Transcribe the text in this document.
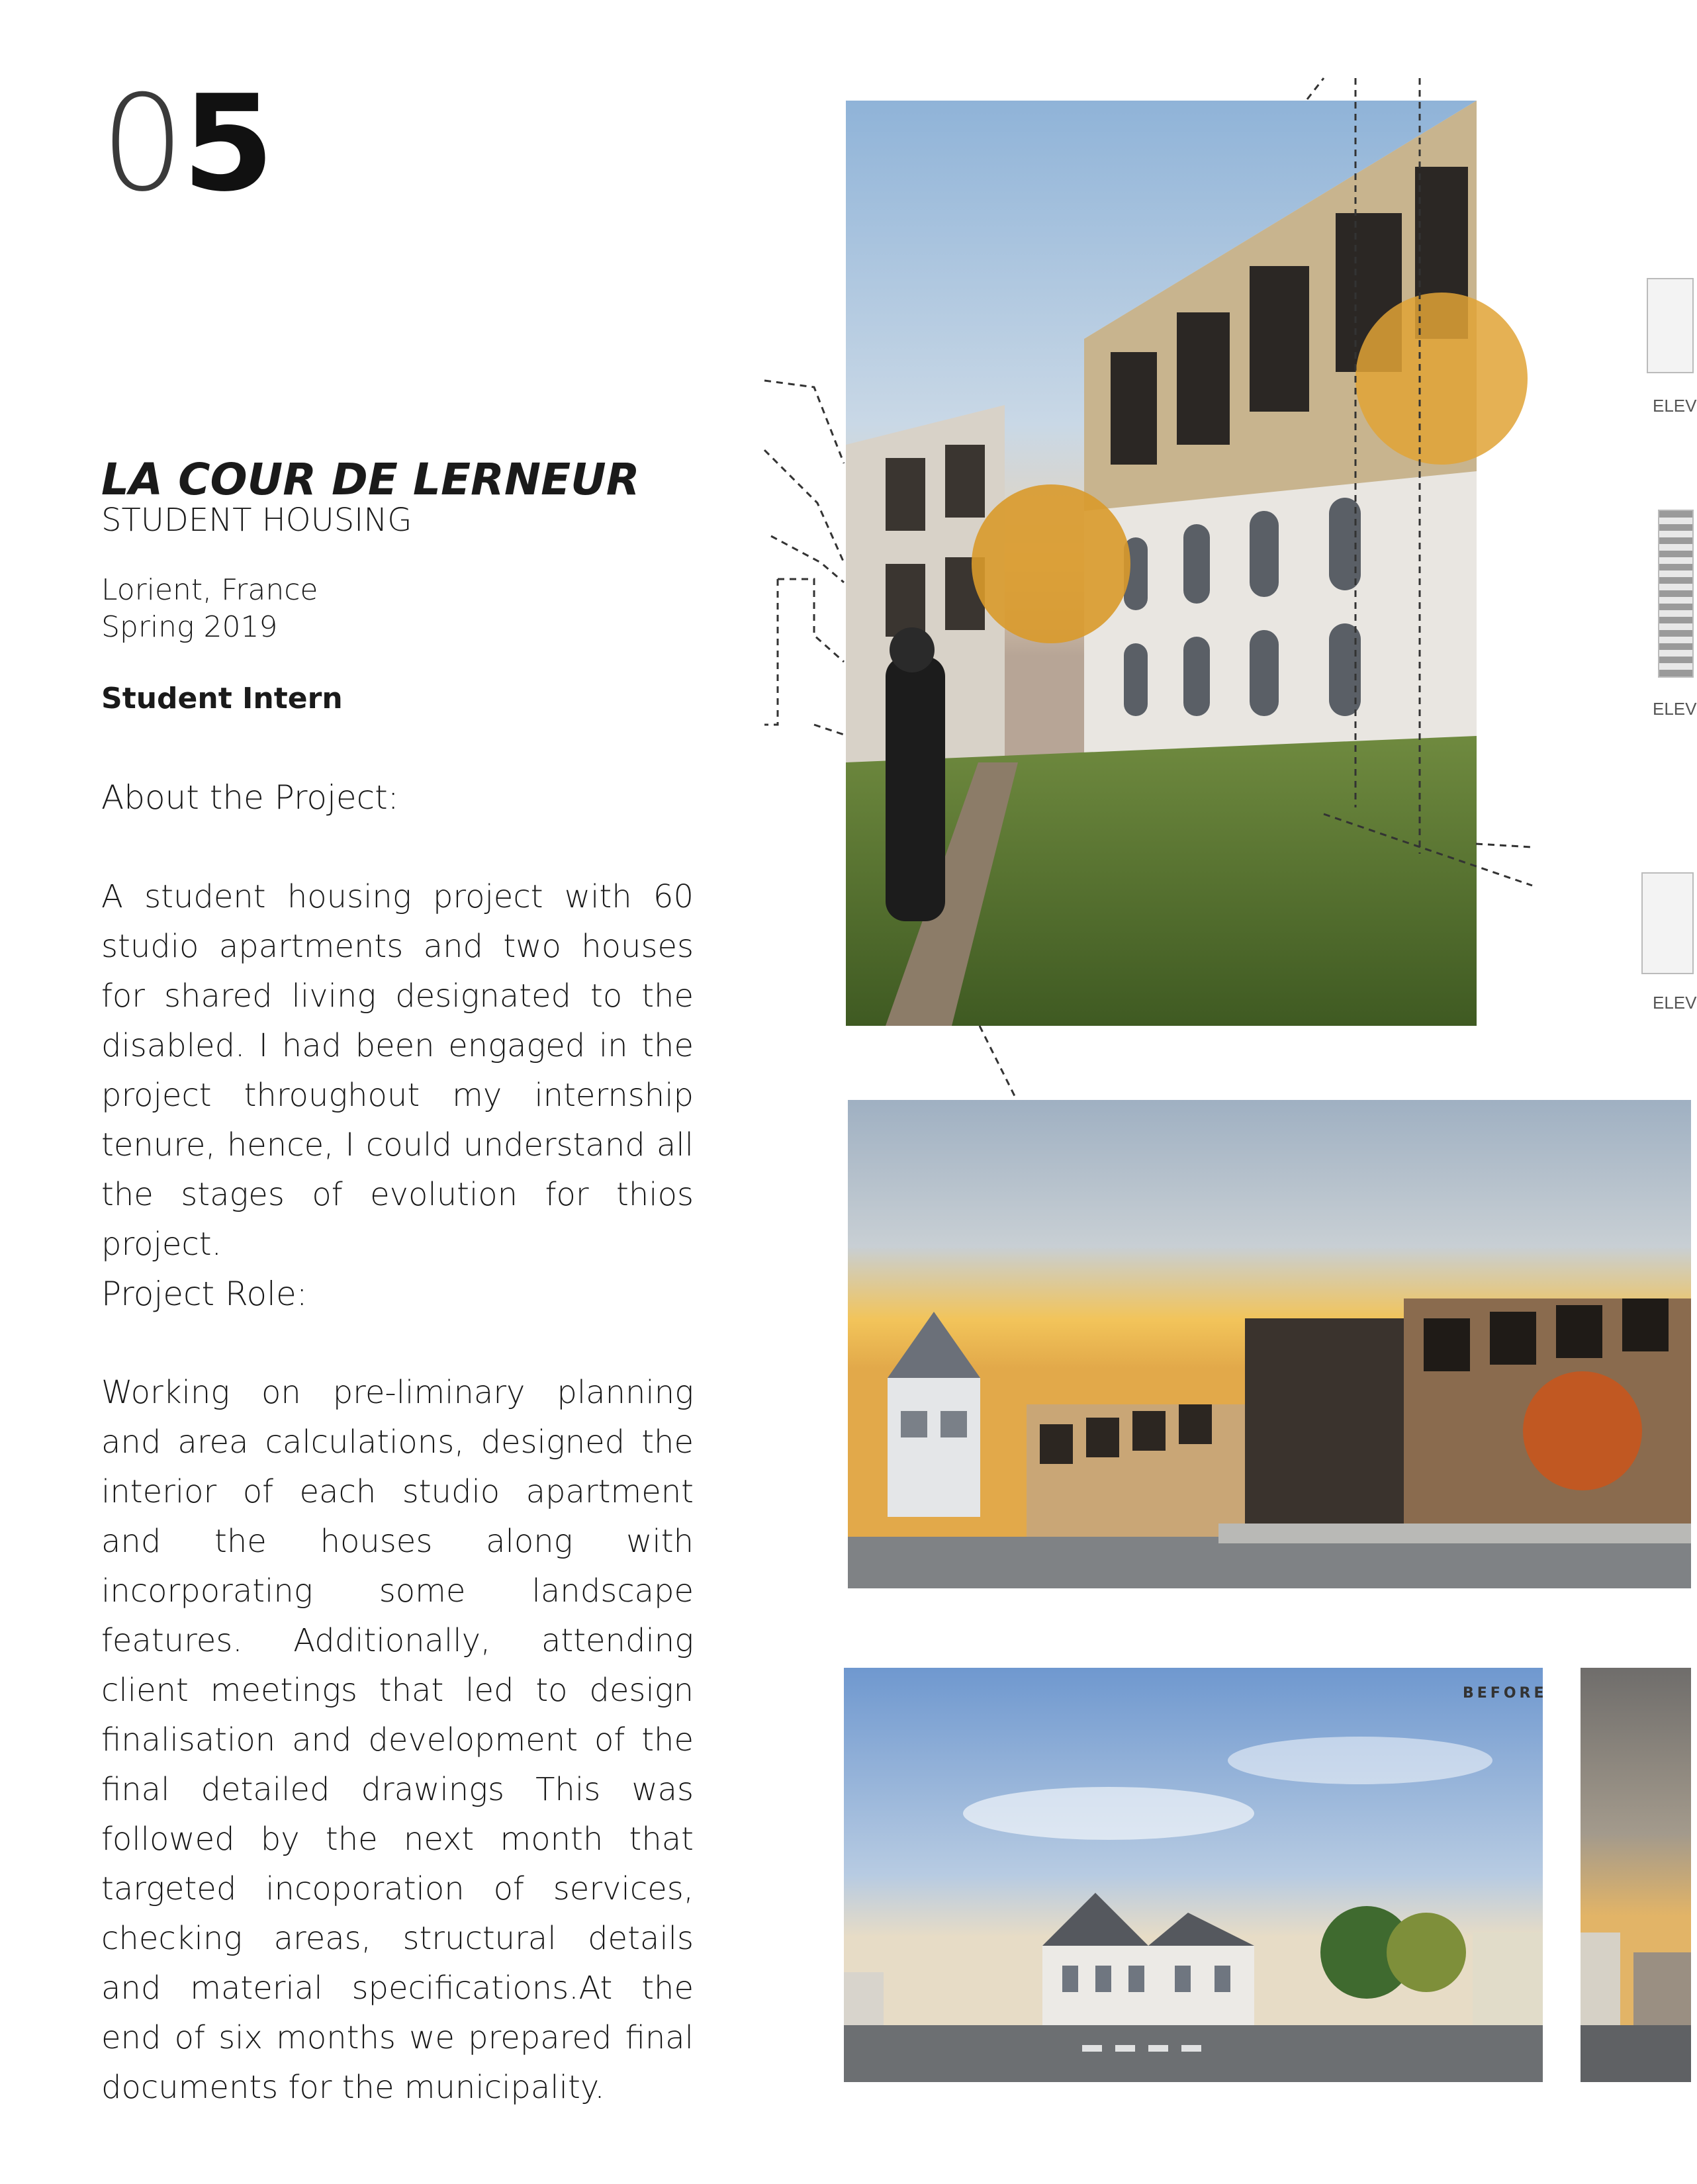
05
LA COUR DE LERNEUR
STUDENT HOUSING
Lorient, France
Spring 2019
Student Intern
About the Project:

A student housing project with 60 studio apartments and two houses for shared living designated to the disabled. I had been engaged in the project throughout my internship tenure, hence, I could understand all the stages of evolution for thios project.

Project Role:

Working on pre-liminary planning and area calculations, designed the interior of each studio apartment and the houses along with incorporating some landscape features. Additionally, attending client meetings that led to design finalisation and development of the final detailed drawings This was followed by the next month that targeted incoporation of services, checking areas, structural details and material specifications.At the end of six months we prepared final documents for the municipality.

BEFORE
ELEV
ELEV
ELEV
